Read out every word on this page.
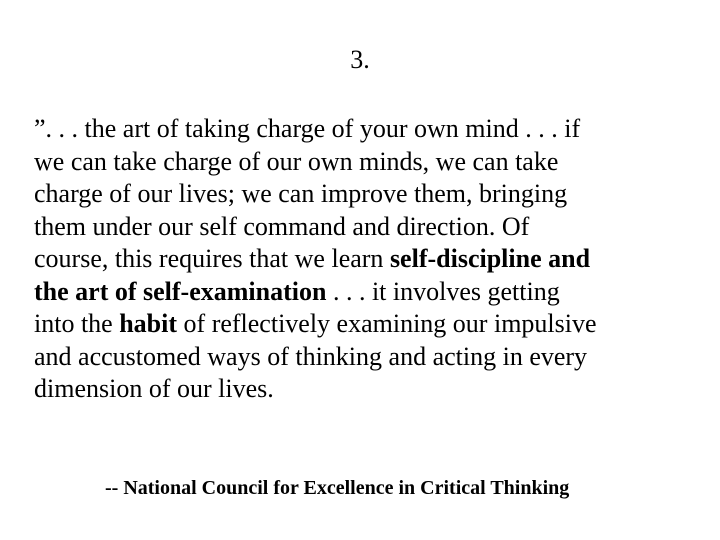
3.
”. . . the art of taking charge of your own mind . . . if
we can take charge of our own minds, we can take
charge of our lives; we can improve them, bringing
them under our self command and direction. Of
course, this requires that we learn self-discipline and
the art of self-examination . . . it involves getting
into the habit of reflectively examining our impulsive
and accustomed ways of thinking and acting in every
dimension of our lives.
-- National Council for Excellence in Critical Thinking
